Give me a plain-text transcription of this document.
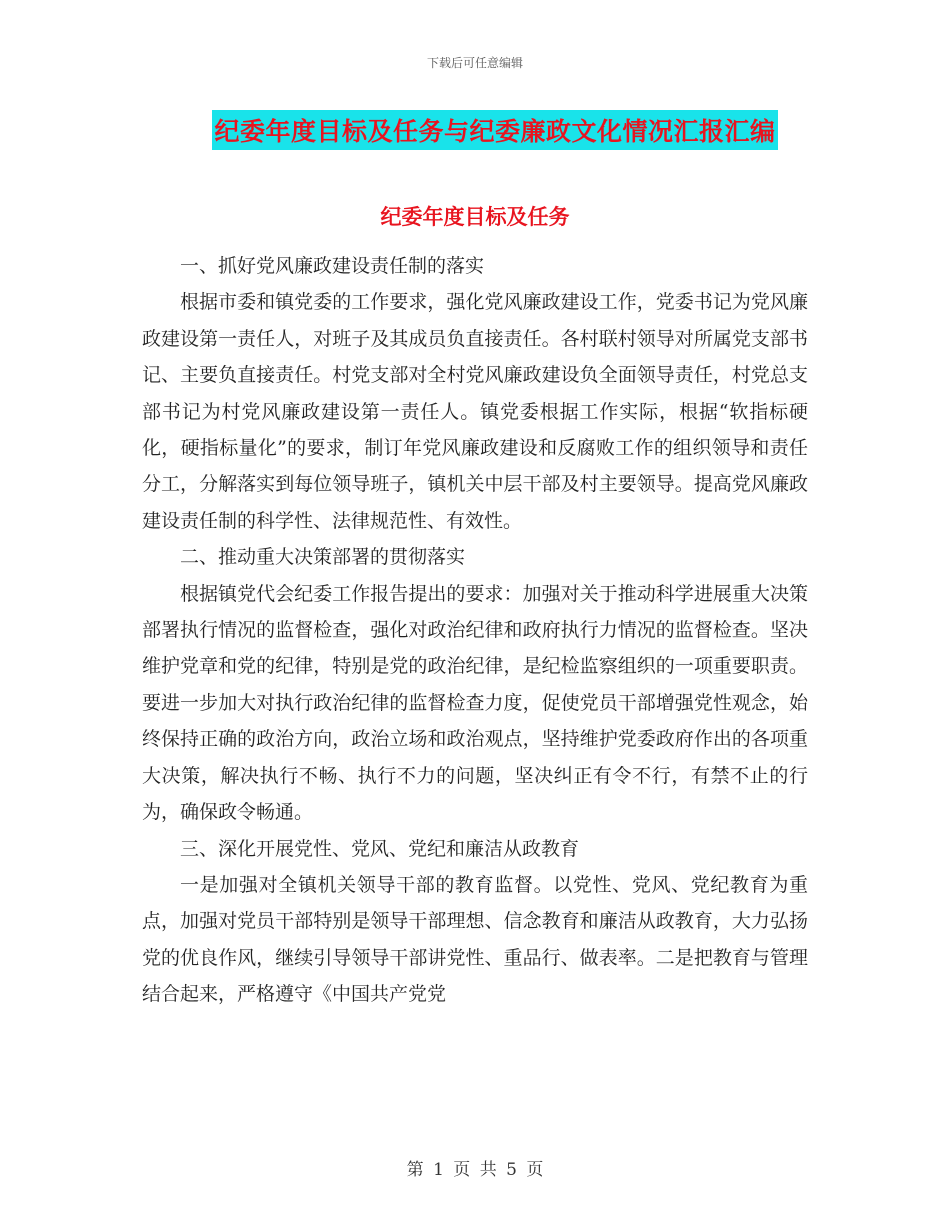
下载后可任意编辑
纪委年度目标及任务与纪委廉政文化情况汇报汇编
纪委年度目标及任务

一、抓好党风廉政建设责任制的落实

根据市委和镇党委的工作要求，强化党风廉政建设工作，党委书记为党风廉政建设第一责任人，对班子及其成员负直接责任。各村联村领导对所属党支部书记、主要负直接责任。村党支部对全村党风廉政建设负全面领导责任，村党总支部书记为村党风廉政建设第一责任人。镇党委根据工作实际，根据“软指标硬化，硬指标量化”的要求，制订年党风廉政建设和反腐败工作的组织领导和责任分工，分解落实到每位领导班子，镇机关中层干部及村主要领导。提高党风廉政建设责任制的科学性、法律规范性、有效性。

二、推动重大决策部署的贯彻落实

根据镇党代会纪委工作报告提出的要求：加强对关于推动科学进展重大决策部署执行情况的监督检查，强化对政治纪律和政府执行力情况的监督检查。坚决维护党章和党的纪律，特别是党的政治纪律，是纪检监察组织的一项重要职责。要进一步加大对执行政治纪律的监督检查力度，促使党员干部增强党性观念，始终保持正确的政治方向，政治立场和政治观点，坚持维护党委政府作出的各项重大决策，解决执行不畅、执行不力的问题，坚决纠正有令不行，有禁不止的行为，确保政令畅通。

三、深化开展党性、党风、党纪和廉洁从政教育

一是加强对全镇机关领导干部的教育监督。以党性、党风、党纪教育为重点，加强对党员干部特别是领导干部理想、信念教育和廉洁从政教育，大力弘扬党的优良作风，继续引导领导干部讲党性、重品行、做表率。二是把教育与管理结合起来，严格遵守《中国共产党党

第 1 页 共 5 页
